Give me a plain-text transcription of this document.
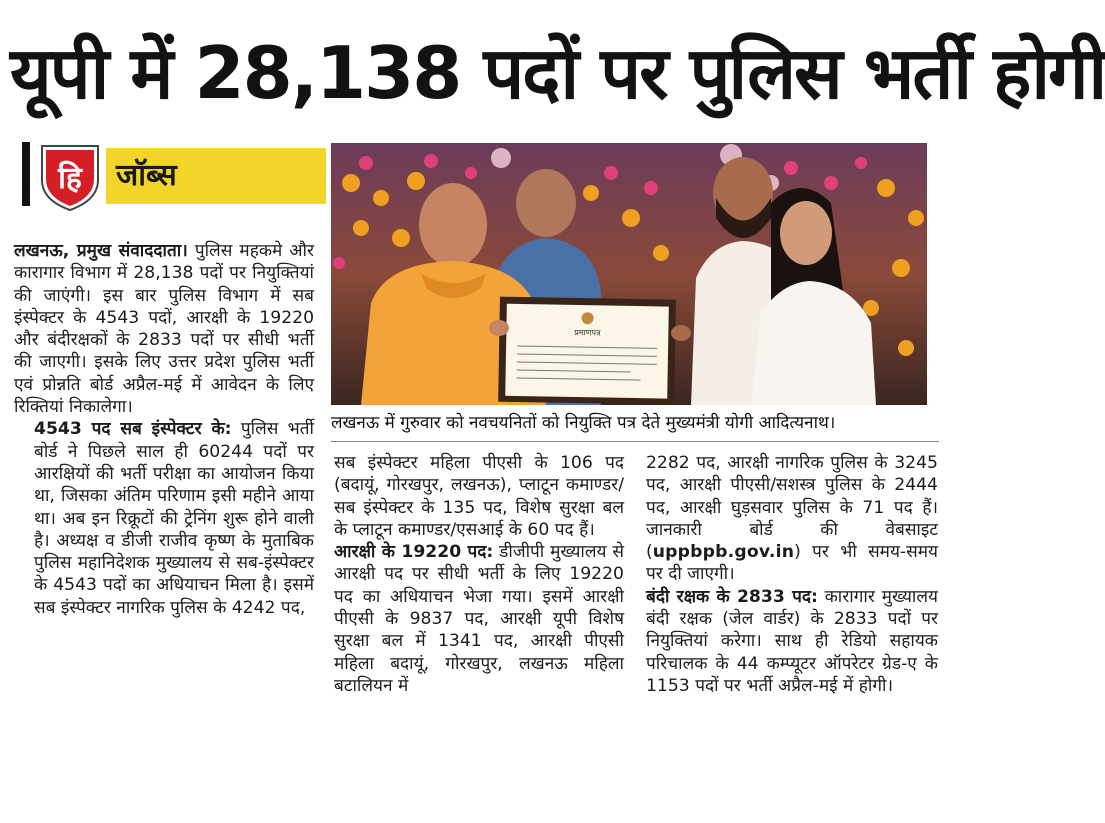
यूपी में 28,138 पदों पर पुलिस भर्ती होगी
हि	जॉब्स

लखनऊ, प्रमुख संवाददाता। पुलिस महकमे और कारागार विभाग में 28,138 पदों पर नियुक्तियां की जाएंगी। इस बार पुलिस विभाग में सब इंस्पेक्टर के 4543 पदों, आरक्षी के 19220 और बंदीरक्षकों के 2833 पदों पर सीधी भर्ती की जाएगी। इसके लिए उत्तर प्रदेश पुलिस भर्ती एवं प्रोन्नति बोर्ड अप्रैल-मई में आवेदन के लिए रिक्तियां निकालेगा।

4543 पद सब इंस्पेक्टर के: पुलिस भर्ती बोर्ड ने पिछले साल ही 60244 पदों पर आरक्षियों की भर्ती परीक्षा का आयोजन किया था, जिसका अंतिम परिणाम इसी महीने आया था। अब इन रिक्रूटों की ट्रेनिंग शुरू होने वाली है। अध्यक्ष व डीजी राजीव कृष्ण के मुताबिक पुलिस महानिदेशक मुख्यालय से सब-इंस्पेक्टर के 4543 पदों का अधियाचन मिला है। इसमें सब इंस्पेक्टर नागरिक पुलिस के 4242 पद,

प्रमाणपत्र
लखनऊ में गुरुवार को नवचयनितों को नियुक्ति पत्र देते मुख्यमंत्री योगी आदित्यनाथ।

सब इंस्पेक्टर महिला पीएसी के 106 पद (बदायूं, गोरखपुर, लखनऊ), प्लाटून कमाण्डर/सब इंस्पेक्टर के 135 पद, विशेष सुरक्षा बल के प्लाटून कमाण्डर/एसआई के 60 पद हैं।

आरक्षी के 19220 पद: डीजीपी मुख्यालय से आरक्षी पद पर सीधी भर्ती के लिए 19220 पद का अधियाचन भेजा गया। इसमें आरक्षी पीएसी के 9837 पद, आरक्षी यूपी विशेष सुरक्षा बल में 1341 पद, आरक्षी पीएसी महिला बदायूं, गोरखपुर, लखनऊ महिला बटालियन में

2282 पद, आरक्षी नागरिक पुलिस के 3245 पद, आरक्षी पीएसी/सशस्त्र पुलिस के 2444 पद, आरक्षी घुड़सवार पुलिस के 71 पद हैं। जानकारी बोर्ड की वेबसाइट (uppbpb.gov.in) पर भी समय-समय पर दी जाएगी।

बंदी रक्षक के 2833 पद: कारागार मुख्यालय बंदी रक्षक (जेल वार्डर) के 2833 पदों पर नियुक्तियां करेगा। साथ ही रेडियो सहायक परिचालक के 44 कम्प्यूटर ऑपरेटर ग्रेड-ए के 1153 पदों पर भर्ती अप्रैल-मई में होगी।
